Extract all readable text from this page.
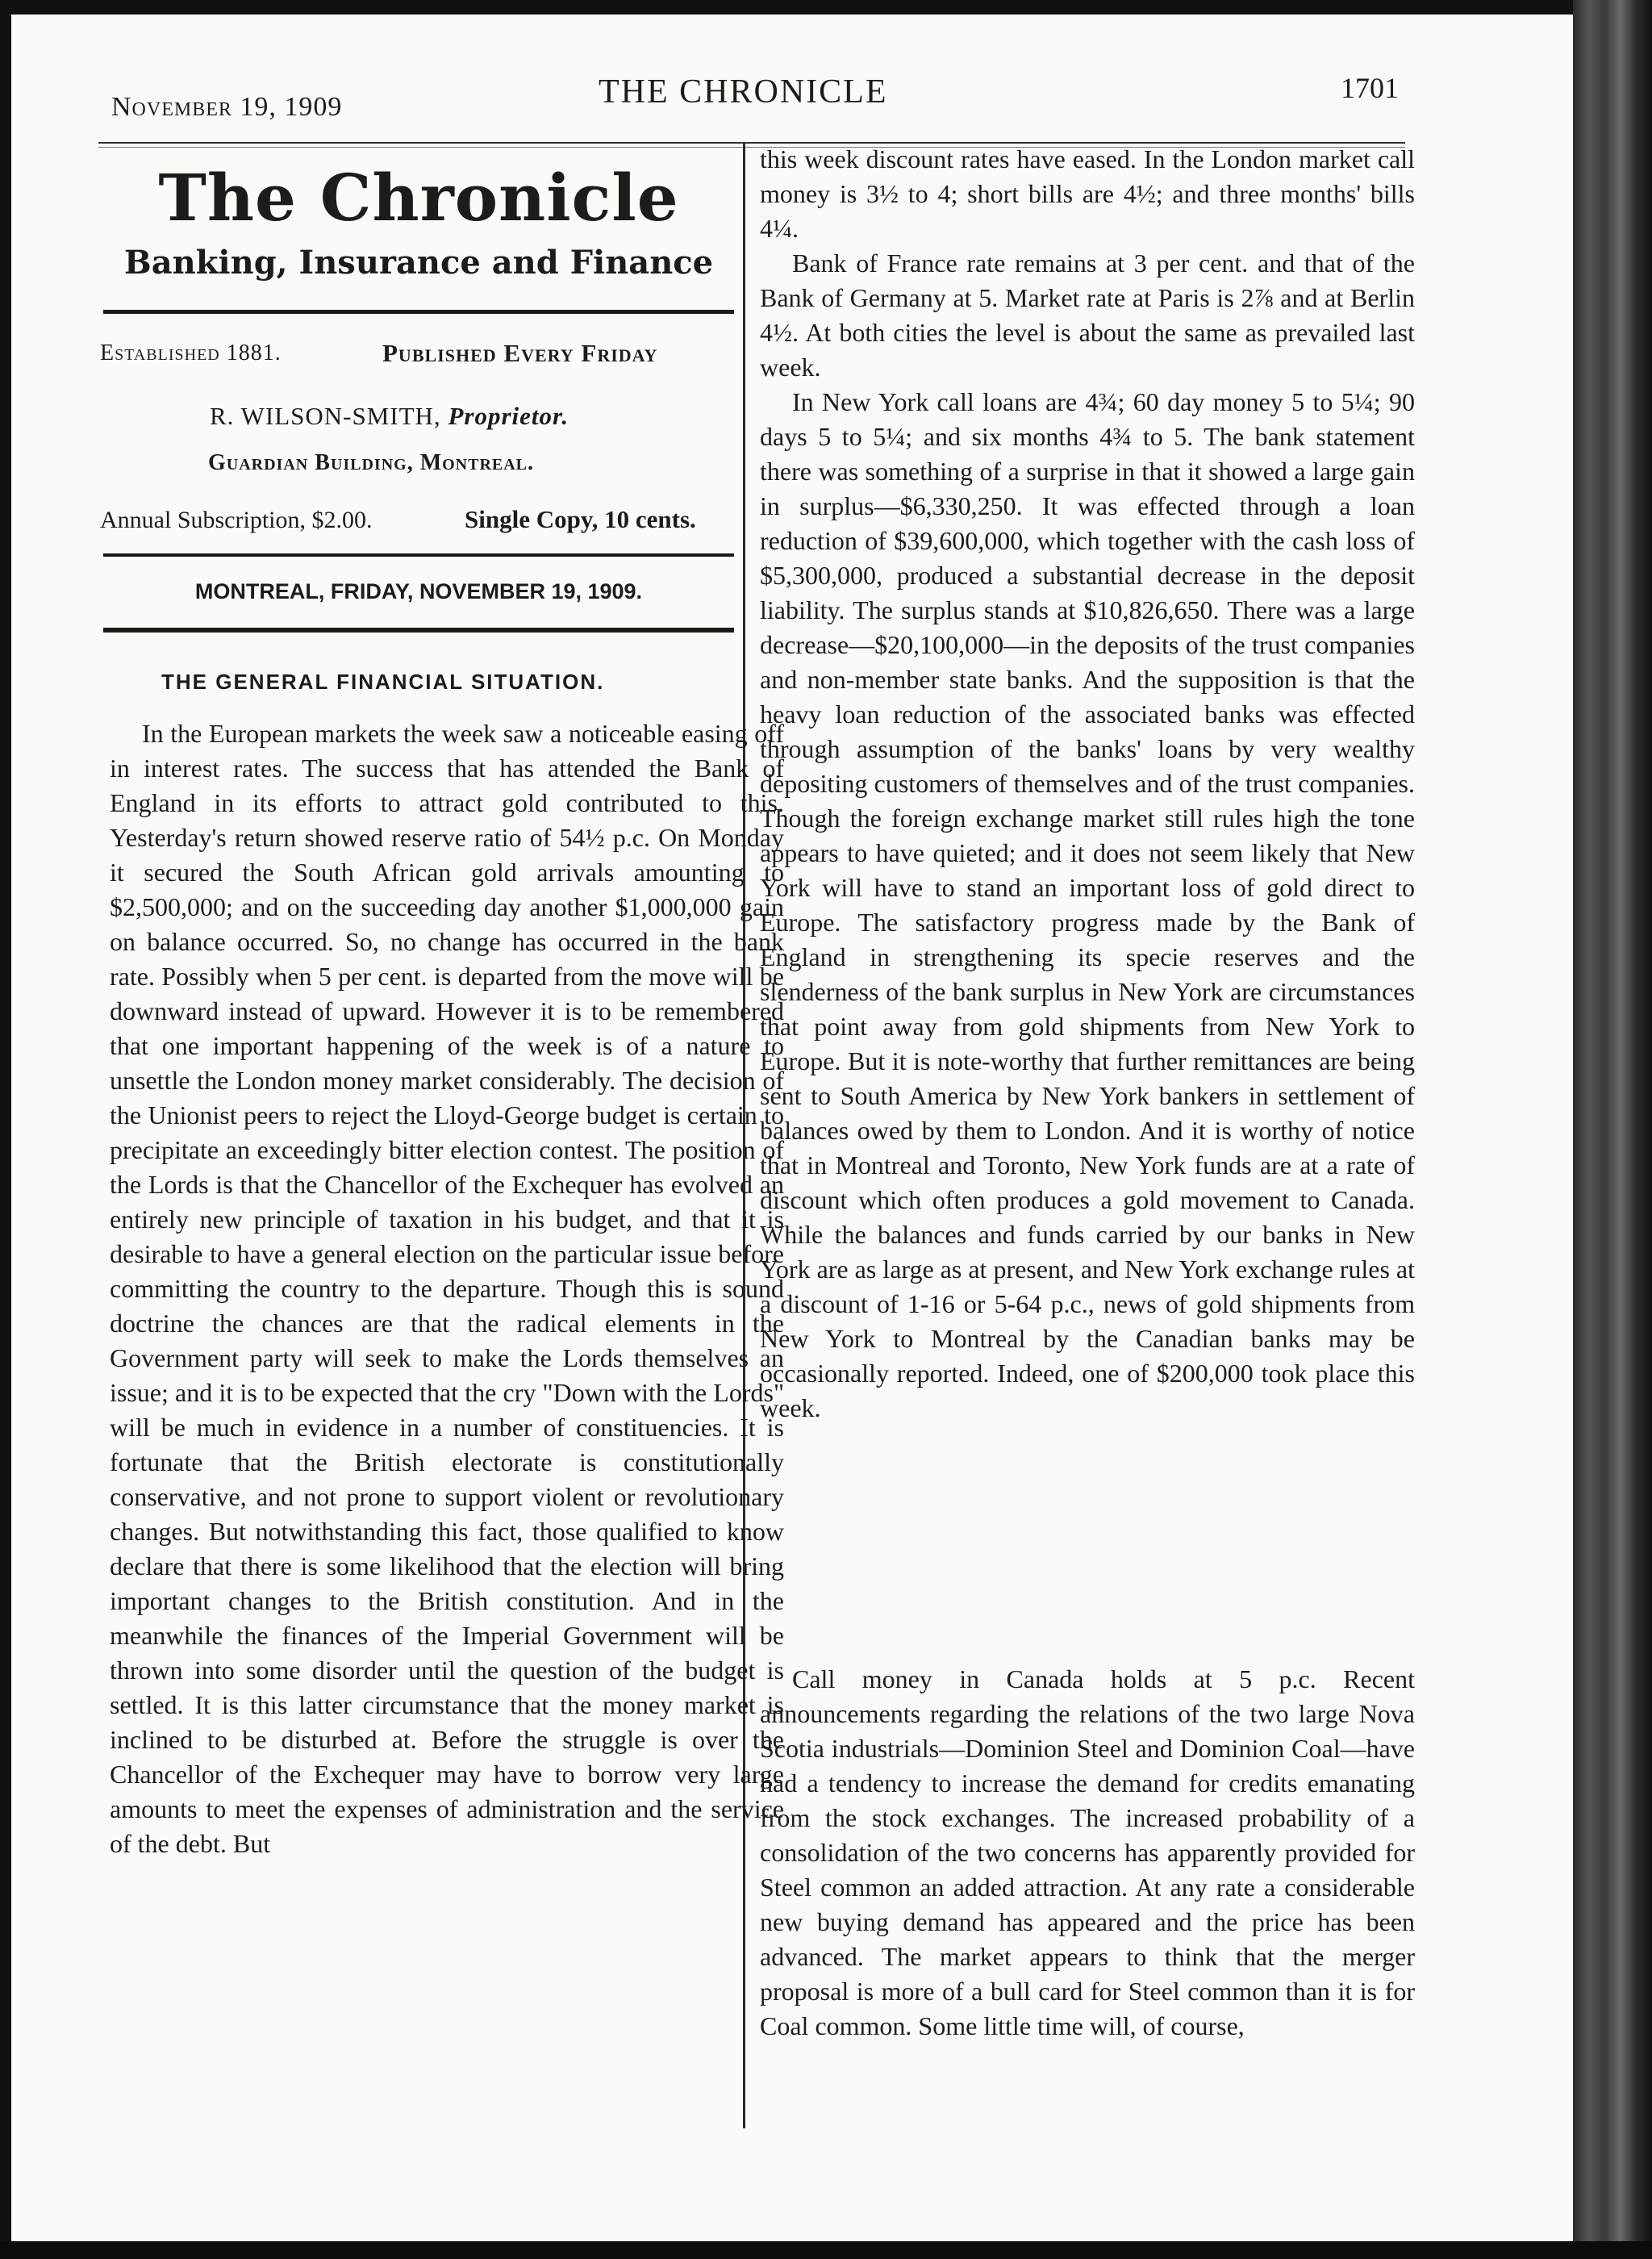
November 19, 1909	THE CHRONICLE	1701
The Chronicle
Banking, Insurance and Finance
Established 1881.	Published Every Friday
R. WILSON-SMITH, Proprietor.
Guardian Building, Montreal.
Annual Subscription, $2.00.	Single Copy, 10 cents.
MONTREAL, FRIDAY, NOVEMBER 19, 1909.
THE GENERAL FINANCIAL SITUATION.

In the European markets the week saw a noticeable easing off in interest rates. The success that has attended the Bank of England in its efforts to attract gold contributed to this. Yesterday's return showed reserve ratio of 54½ p.c. On Monday it secured the South African gold arrivals amounting to $2,500,000; and on the succeeding day another $1,000,000 gain on balance occurred. So, no change has occurred in the bank rate. Possibly when 5 per cent. is departed from the move will be downward instead of upward. However it is to be remembered that one important happening of the week is of a nature to unsettle the London money market considerably. The decision of the Unionist peers to reject the Lloyd-George budget is certain to precipitate an exceedingly bitter election contest. The position of the Lords is that the Chancellor of the Exchequer has evolved an entirely new principle of taxation in his budget, and that it is desirable to have a general election on the particular issue before committing the country to the departure. Though this is sound doctrine the chances are that the radical elements in the Government party will seek to make the Lords themselves an issue; and it is to be expected that the cry "Down with the Lords" will be much in evidence in a number of constituencies. It is fortunate that the British electorate is constitutionally conservative, and not prone to support violent or revolutionary changes. But notwithstanding this fact, those qualified to know declare that there is some likelihood that the election will bring important changes to the British constitution. And in the meanwhile the finances of the Imperial Government will be thrown into some disorder until the question of the budget is settled. It is this latter circumstance that the money market is inclined to be disturbed at. Before the struggle is over the Chancellor of the Exchequer may have to borrow very large amounts to meet the expenses of administration and the service of the debt. But

this week discount rates have eased. In the London market call money is 3½ to 4; short bills are 4½; and three months' bills 4¼.

Bank of France rate remains at 3 per cent. and that of the Bank of Germany at 5. Market rate at Paris is 2⅞ and at Berlin 4½. At both cities the level is about the same as prevailed last week.

In New York call loans are 4¾; 60 day money 5 to 5¼; 90 days 5 to 5¼; and six months 4¾ to 5. The bank statement there was something of a surprise in that it showed a large gain in surplus—$6,330,250. It was effected through a loan reduction of $39,600,000, which together with the cash loss of $5,300,000, produced a substantial decrease in the deposit liability. The surplus stands at $10,826,650. There was a large decrease—$20,100,000—in the deposits of the trust companies and non-member state banks. And the supposition is that the heavy loan reduction of the associated banks was effected through assumption of the banks' loans by very wealthy depositing customers of themselves and of the trust companies. Though the foreign exchange market still rules high the tone appears to have quieted; and it does not seem likely that New York will have to stand an important loss of gold direct to Europe. The satisfactory progress made by the Bank of England in strengthening its specie reserves and the slenderness of the bank surplus in New York are circumstances that point away from gold shipments from New York to Europe. But it is note-worthy that further remittances are being sent to South America by New York bankers in settlement of balances owed by them to London. And it is worthy of notice that in Montreal and Toronto, New York funds are at a rate of discount which often produces a gold movement to Canada. While the balances and funds carried by our banks in New York are as large as at present, and New York exchange rules at a discount of 1-16 or 5-64 p.c., news of gold shipments from New York to Montreal by the Canadian banks may be occasionally reported. Indeed, one of $200,000 took place this week.

Call money in Canada holds at 5 p.c. Recent announcements regarding the relations of the two large Nova Scotia industrials—Dominion Steel and Dominion Coal—have had a tendency to increase the demand for credits emanating from the stock exchanges. The increased probability of a consolidation of the two concerns has apparently provided for Steel common an added attraction. At any rate a considerable new buying demand has appeared and the price has been advanced. The market appears to think that the merger proposal is more of a bull card for Steel common than it is for Coal common. Some little time will, of course,
